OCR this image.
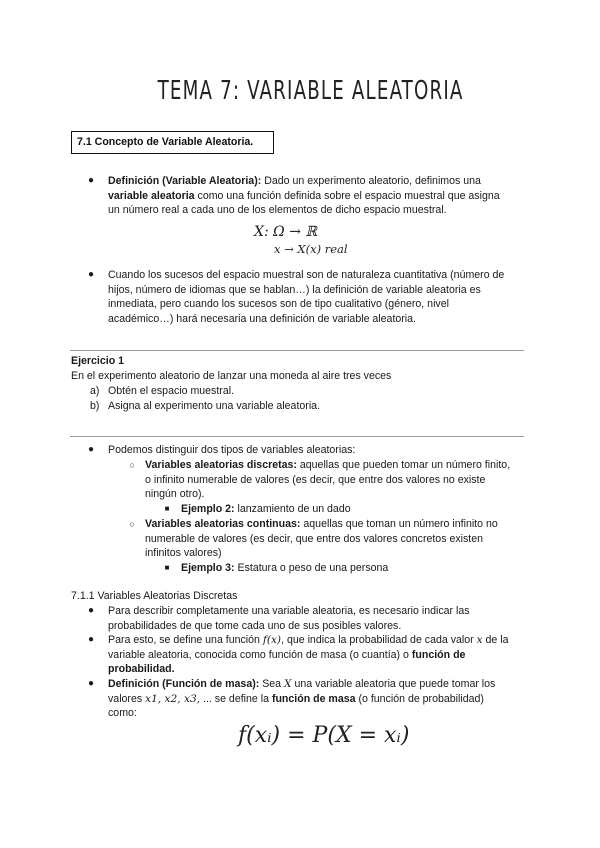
TEMA 7: VARIABLE ALEATORIA
7.1 Concepto de Variable Aleatoria.
● Definición (Variable Aleatoria): Dado un experimento aleatorio, definimos una
variable aleatoria como una función definida sobre el espacio muestral que asigna
un número real a cada uno de los elementos de dicho espacio muestral.
X: Ω → ℝ
x → X(x) real
● Cuando los sucesos del espacio muestral son de naturaleza cuantitativa (número de
hijos, número de idiomas que se hablan…) la definición de variable aleatoria es
inmediata, pero cuando los sucesos son de tipo cualitativo (género, nivel
académico…) hará necesaria una definición de variable aleatoria.
Ejercicio 1
En el experimento aleatorio de lanzar una moneda al aire tres veces
a) Obtén el espacio muestral.
b) Asigna al experimento una variable aleatoria.
● Podemos distinguir dos tipos de variables aleatorias:
○ Variables aleatorias discretas: aquellas que pueden tomar un número finito,
o infinito numerable de valores (es decir, que entre dos valores no existe
ningún otro).
■ Ejemplo 2: lanzamiento de un dado
○ Variables aleatorias continuas: aquellas que toman un número infinito no
numerable de valores (es decir, que entre dos valores concretos existen
infinitos valores)
■ Ejemplo 3: Estatura o peso de una persona
7.1.1 Variables Aleatorias Discretas
● Para describir completamente una variable aleatoria, es necesario indicar las
probabilidades de que tome cada uno de sus posibles valores.
● Para esto, se define una función f(x), que indica la probabilidad de cada valor x de la
variable aleatoria, conocida como función de masa (o cuantía) o función de
probabilidad.
● Definición (Función de masa): Sea X una variable aleatoria que puede tomar los
valores x1, x2, x3, ... se define la función de masa (o función de probabilidad)
como:
f(xᵢ) = P(X = xᵢ)
